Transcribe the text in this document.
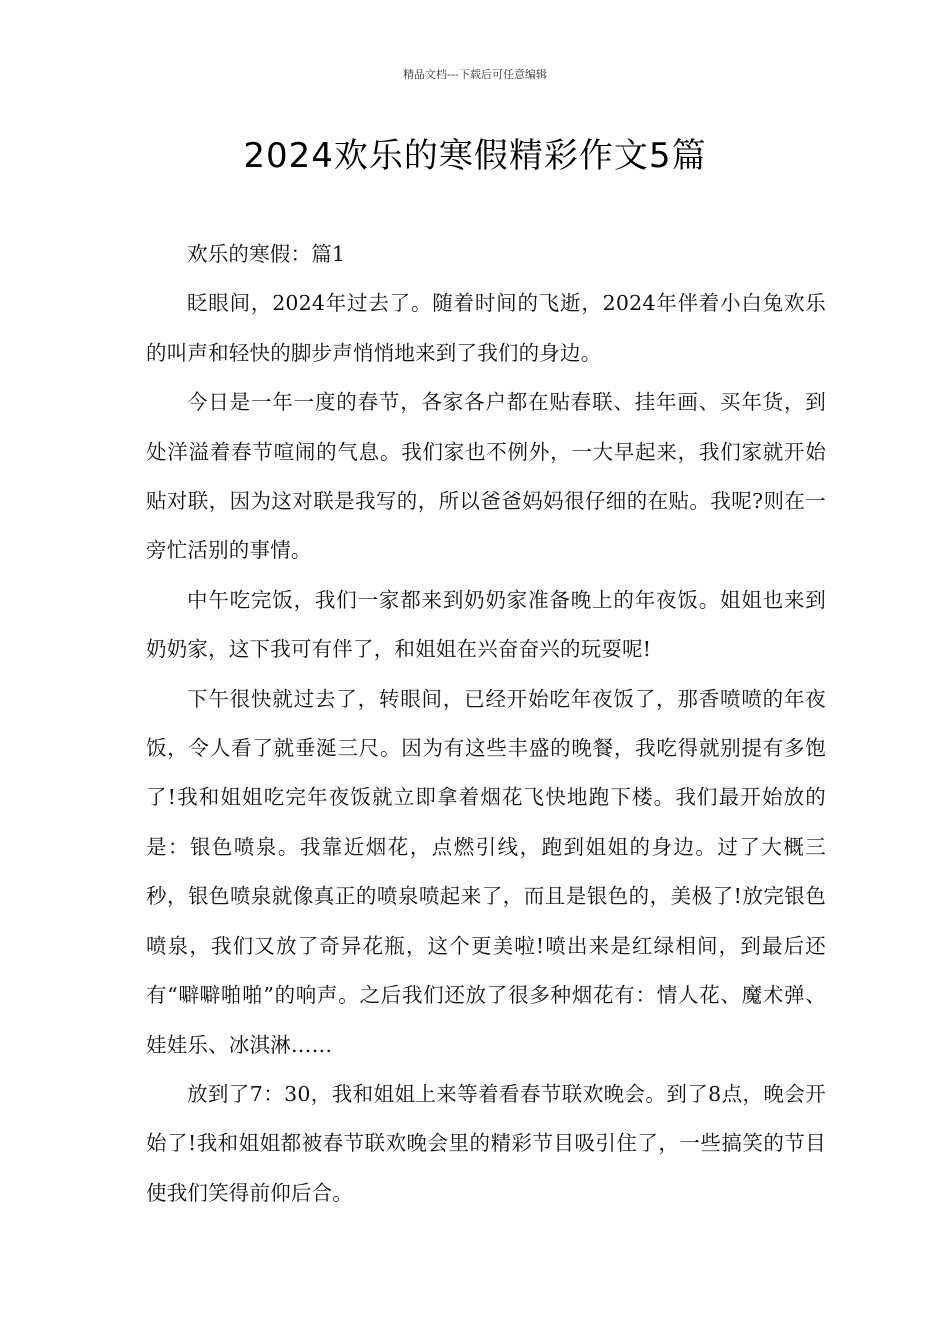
精品文档---下载后可任意编辑
2024欢乐的寒假精彩作文5篇

欢乐的寒假：篇1

眨眼间，2024年过去了。随着时间的飞逝，2024年伴着小白兔欢乐的叫声和轻快的脚步声悄悄地来到了我们的身边。

今日是一年一度的春节，各家各户都在贴春联、挂年画、买年货，到处洋溢着春节喧闹的气息。我们家也不例外，一大早起来，我们家就开始贴对联，因为这对联是我写的，所以爸爸妈妈很仔细的在贴。我呢?则在一旁忙活别的事情。

中午吃完饭，我们一家都来到奶奶家准备晚上的年夜饭。姐姐也来到奶奶家，这下我可有伴了，和姐姐在兴奋奋兴的玩耍呢!

下午很快就过去了，转眼间，已经开始吃年夜饭了，那香喷喷的年夜饭，令人看了就垂涎三尺。因为有这些丰盛的晚餐，我吃得就别提有多饱了!我和姐姐吃完年夜饭就立即拿着烟花飞快地跑下楼。我们最开始放的是：银色喷泉。我靠近烟花，点燃引线，跑到姐姐的身边。过了大概三秒，银色喷泉就像真正的喷泉喷起来了，而且是银色的，美极了!放完银色喷泉，我们又放了奇异花瓶，这个更美啦!喷出来是红绿相间，到最后还有“噼噼啪啪”的响声。之后我们还放了很多种烟花有：情人花、魔术弹、娃娃乐、冰淇淋……

放到了7：30，我和姐姐上来等着看春节联欢晚会。到了8点，晚会开始了!我和姐姐都被春节联欢晚会里的精彩节目吸引住了，一些搞笑的节目使我们笑得前仰后合。
